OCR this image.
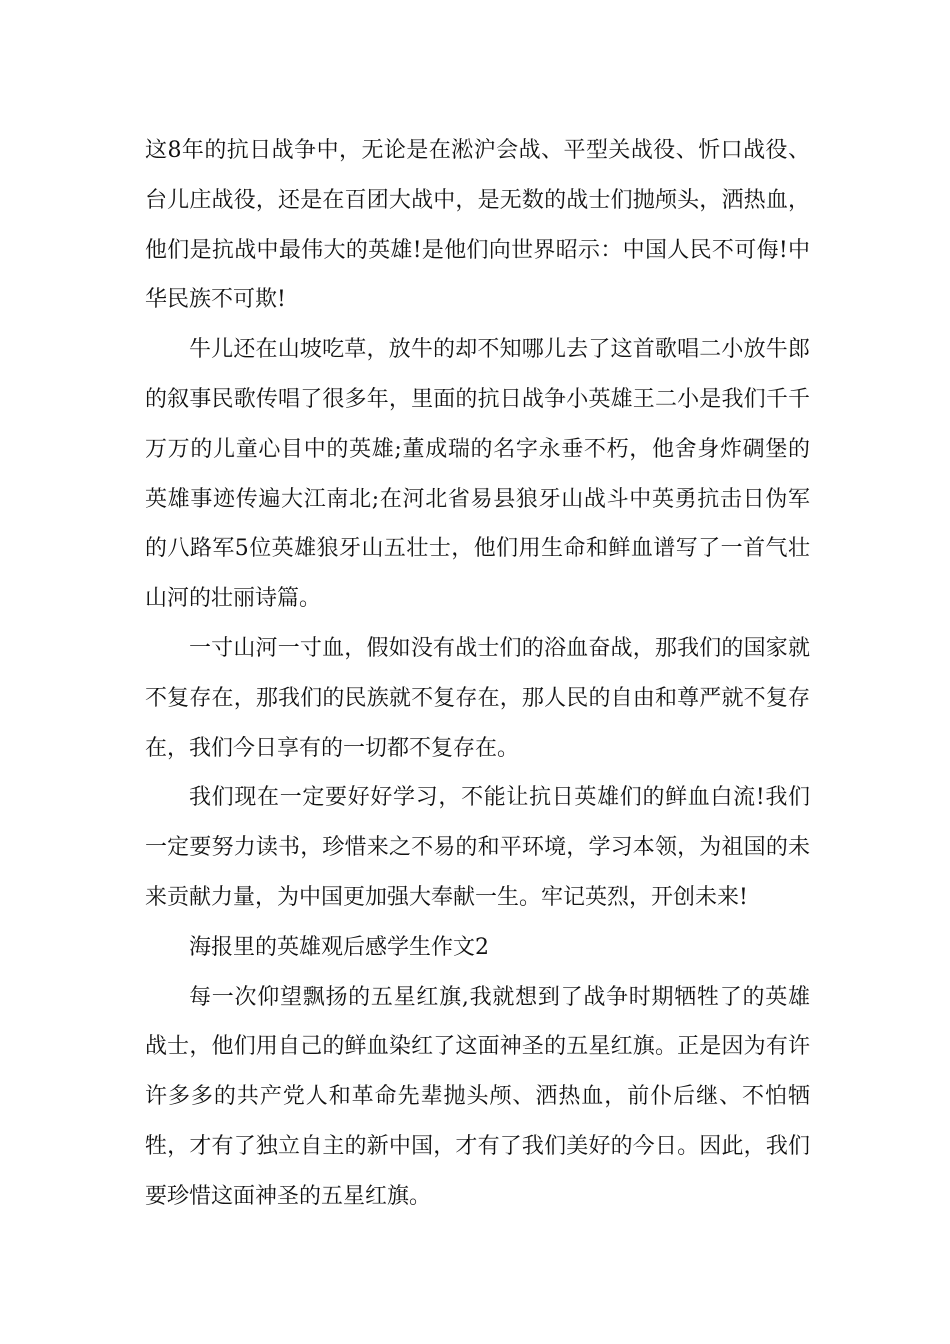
这8年的抗日战争中，无论是在淞沪会战、平型关战役、忻口战役、台儿庄战役，还是在百团大战中，是无数的战士们抛颅头，洒热血，他们是抗战中最伟大的英雄!是他们向世界昭示：中国人民不可侮!中华民族不可欺!

牛儿还在山坡吃草，放牛的却不知哪儿去了这首歌唱二小放牛郎的叙事民歌传唱了很多年，里面的抗日战争小英雄王二小是我们千千万万的儿童心目中的英雄;董成瑞的名字永垂不朽，他舍身炸碉堡的英雄事迹传遍大江南北;在河北省易县狼牙山战斗中英勇抗击日伪军的八路军5位英雄狼牙山五壮士，他们用生命和鲜血谱写了一首气壮山河的壮丽诗篇。

一寸山河一寸血，假如没有战士们的浴血奋战，那我们的国家就不复存在，那我们的民族就不复存在，那人民的自由和尊严就不复存在，我们今日享有的一切都不复存在。

我们现在一定要好好学习，不能让抗日英雄们的鲜血白流!我们一定要努力读书，珍惜来之不易的和平环境，学习本领，为祖国的未来贡献力量，为中国更加强大奉献一生。牢记英烈，开创未来!

海报里的英雄观后感学生作文2

每一次仰望飘扬的五星红旗,我就想到了战争时期牺牲了的英雄战士，他们用自己的鲜血染红了这面神圣的五星红旗。正是因为有许许多多的共产党人和革命先辈抛头颅、洒热血，前仆后继、不怕牺牲，才有了独立自主的新中国，才有了我们美好的今日。因此，我们要珍惜这面神圣的五星红旗。
